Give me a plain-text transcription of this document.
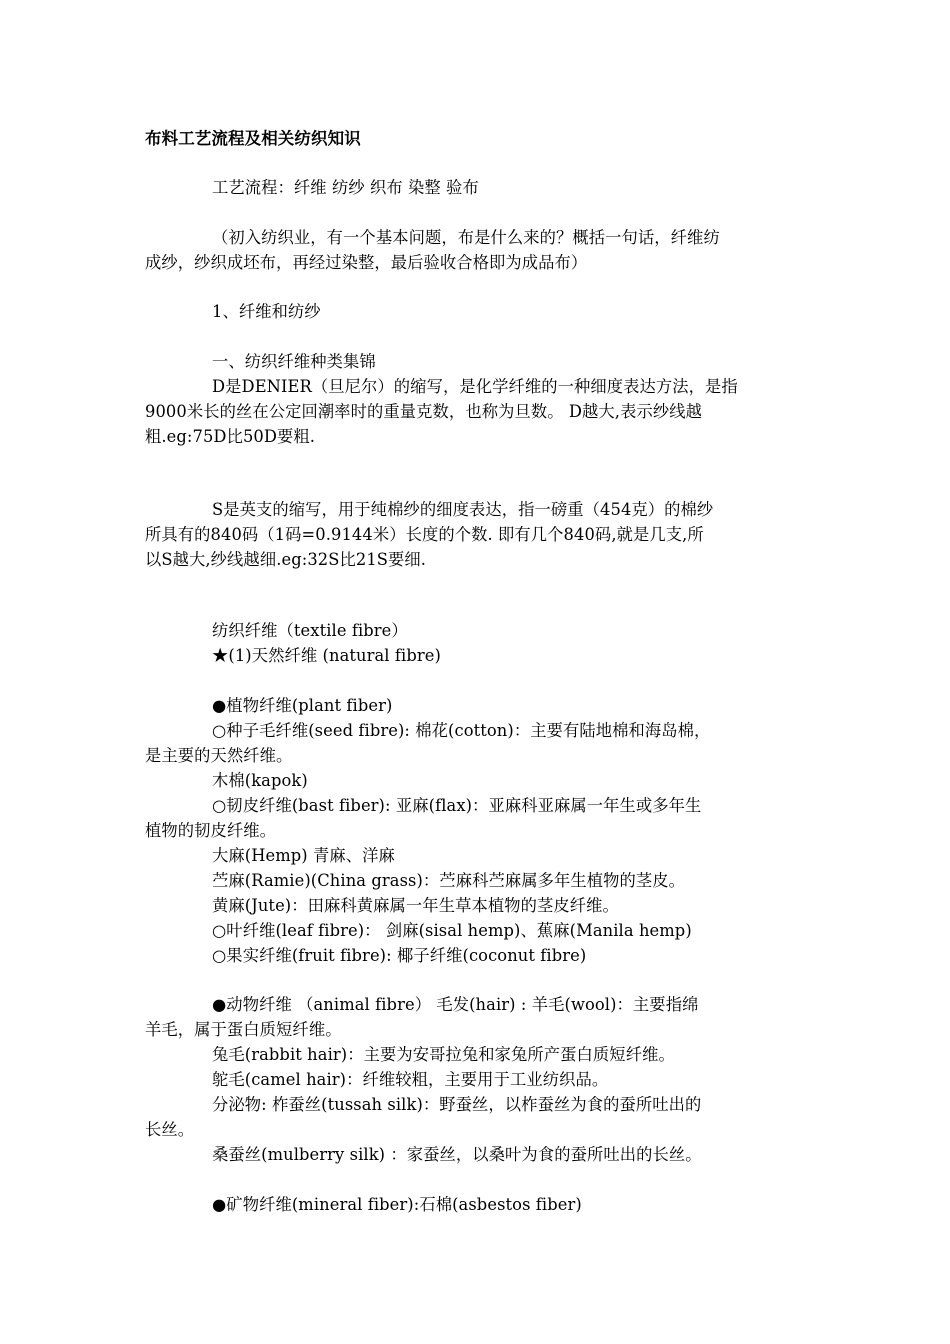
布料工艺流程及相关纺织知识
工艺流程：纤维 纺纱 织布 染整 验布
（初入纺织业，有一个基本问题，布是什么来的？概括一句话，纤维纺
成纱，纱织成坯布，再经过染整，最后验收合格即为成品布）
1、纤维和纺纱
一、纺织纤维种类集锦
D是DENIER（旦尼尔）的缩写，是化学纤维的一种细度表达方法，是指
9000米长的丝在公定回潮率时的重量克数，也称为旦数。 D越大,表示纱线越
粗.eg:75D比50D要粗.
S是英支的缩写，用于纯棉纱的细度表达，指一磅重（454克）的棉纱
所具有的840码（1码=0.9144米）长度的个数. 即有几个840码,就是几支,所
以S越大,纱线越细.eg:32S比21S要细.
纺织纤维（textile fibre）
★(1)天然纤维 (natural fibre)
●植物纤维(plant fiber)
○种子毛纤维(seed fibre): 棉花(cotton)：主要有陆地棉和海岛棉，
是主要的天然纤维。
木棉(kapok)
○韧皮纤维(bast fiber): 亚麻(flax)：亚麻科亚麻属一年生或多年生
植物的韧皮纤维。
大麻(Hemp) 青麻、洋麻
苎麻(Ramie)(China grass)：苎麻科苎麻属多年生植物的茎皮。
黄麻(Jute)：田麻科黄麻属一年生草本植物的茎皮纤维。
○叶纤维(leaf fibre)： 剑麻(sisal hemp)、蕉麻(Manila hemp)
○果实纤维(fruit fibre): 椰子纤维(coconut fibre)
●动物纤维 （animal fibre） 毛发(hair) : 羊毛(wool)：主要指绵
羊毛，属于蛋白质短纤维。
兔毛(rabbit hair)：主要为安哥拉兔和家兔所产蛋白质短纤维。
鸵毛(camel hair)：纤维较粗，主要用于工业纺织品。
分泌物: 柞蚕丝(tussah silk)：野蚕丝，以柞蚕丝为食的蚕所吐出的
长丝。
桑蚕丝(mulberry silk) ：家蚕丝，以桑叶为食的蚕所吐出的长丝。
●矿物纤维(mineral fiber):石棉(asbestos fiber)
